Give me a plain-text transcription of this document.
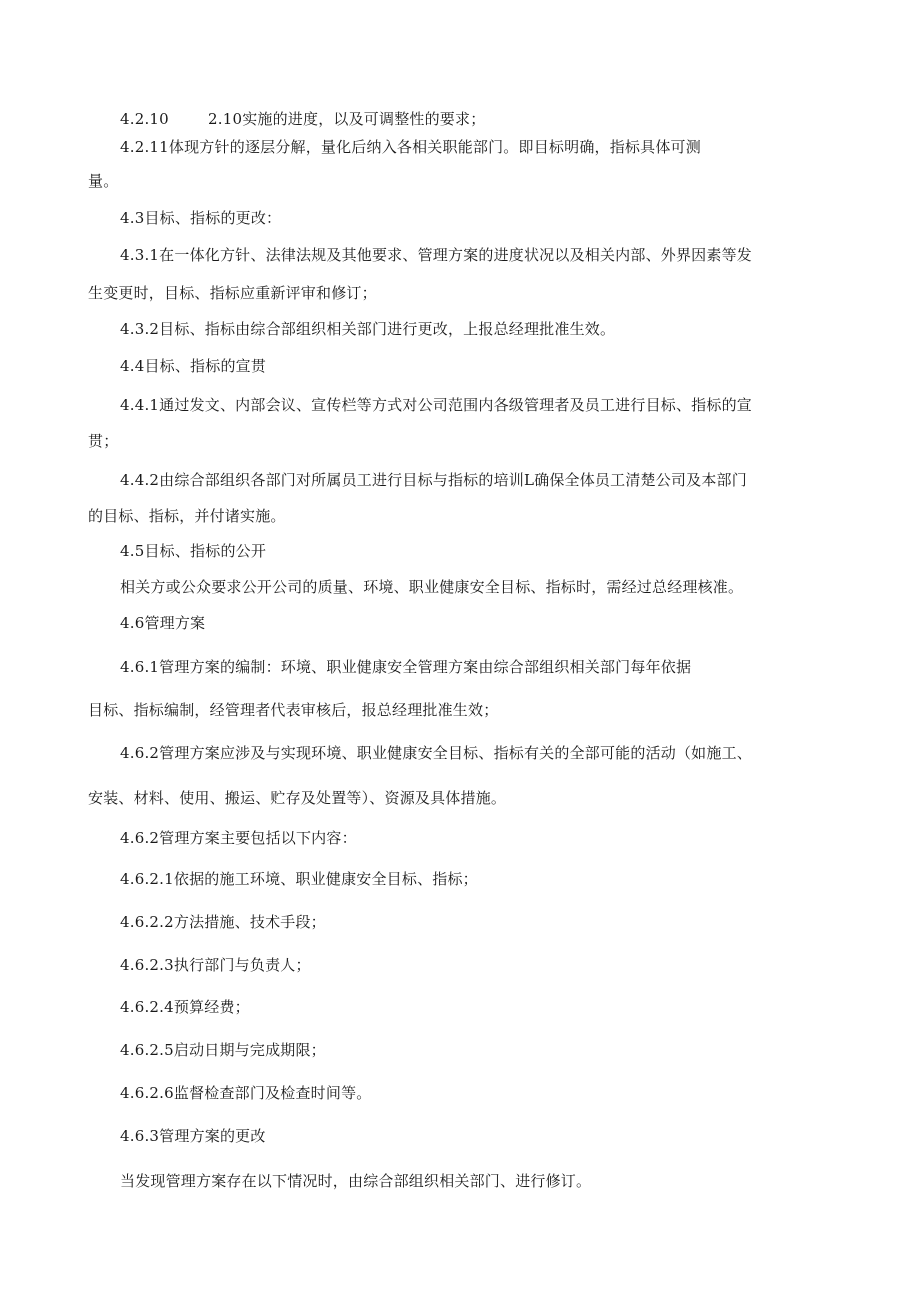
4.2.10	2.10实施的进度，以及可调整性的要求；
4.2.11体现方针的逐层分解，量化后纳入各相关职能部门。即目标明确，指标具体可测
量。
4.3目标、指标的更改：
4.3.1在一体化方针、法律法规及其他要求、管理方案的进度状况以及相关内部、外界因素等发
生变更时，目标、指标应重新评审和修订；
4.3.2目标、指标由综合部组织相关部门进行更改，上报总经理批准生效。
4.4目标、指标的宣贯
4.4.1通过发文、内部会议、宣传栏等方式对公司范围内各级管理者及员工进行目标、指标的宣
贯；
4.4.2由综合部组织各部门对所属员工进行目标与指标的培训L确保全体员工清楚公司及本部门
的目标、指标，并付诸实施。
4.5目标、指标的公开
相关方或公众要求公开公司的质量、环境、职业健康安全目标、指标时，需经过总经理核准。
4.6管理方案
4.6.1管理方案的编制：环境、职业健康安全管理方案由综合部组织相关部门每年依据
目标、指标编制，经管理者代表审核后，报总经理批准生效；
4.6.2管理方案应涉及与实现环境、职业健康安全目标、指标有关的全部可能的活动（如施工、
安装、材料、使用、搬运、贮存及处置等）、资源及具体措施。
4.6.2管理方案主要包括以下内容：
4.6.2.1依据的施工环境、职业健康安全目标、指标；
4.6.2.2方法措施、技术手段；
4.6.2.3执行部门与负责人；
4.6.2.4预算经费；
4.6.2.5启动日期与完成期限；
4.6.2.6监督检查部门及检查时间等。
4.6.3管理方案的更改
当发现管理方案存在以下情况时，由综合部组织相关部门、进行修订。
